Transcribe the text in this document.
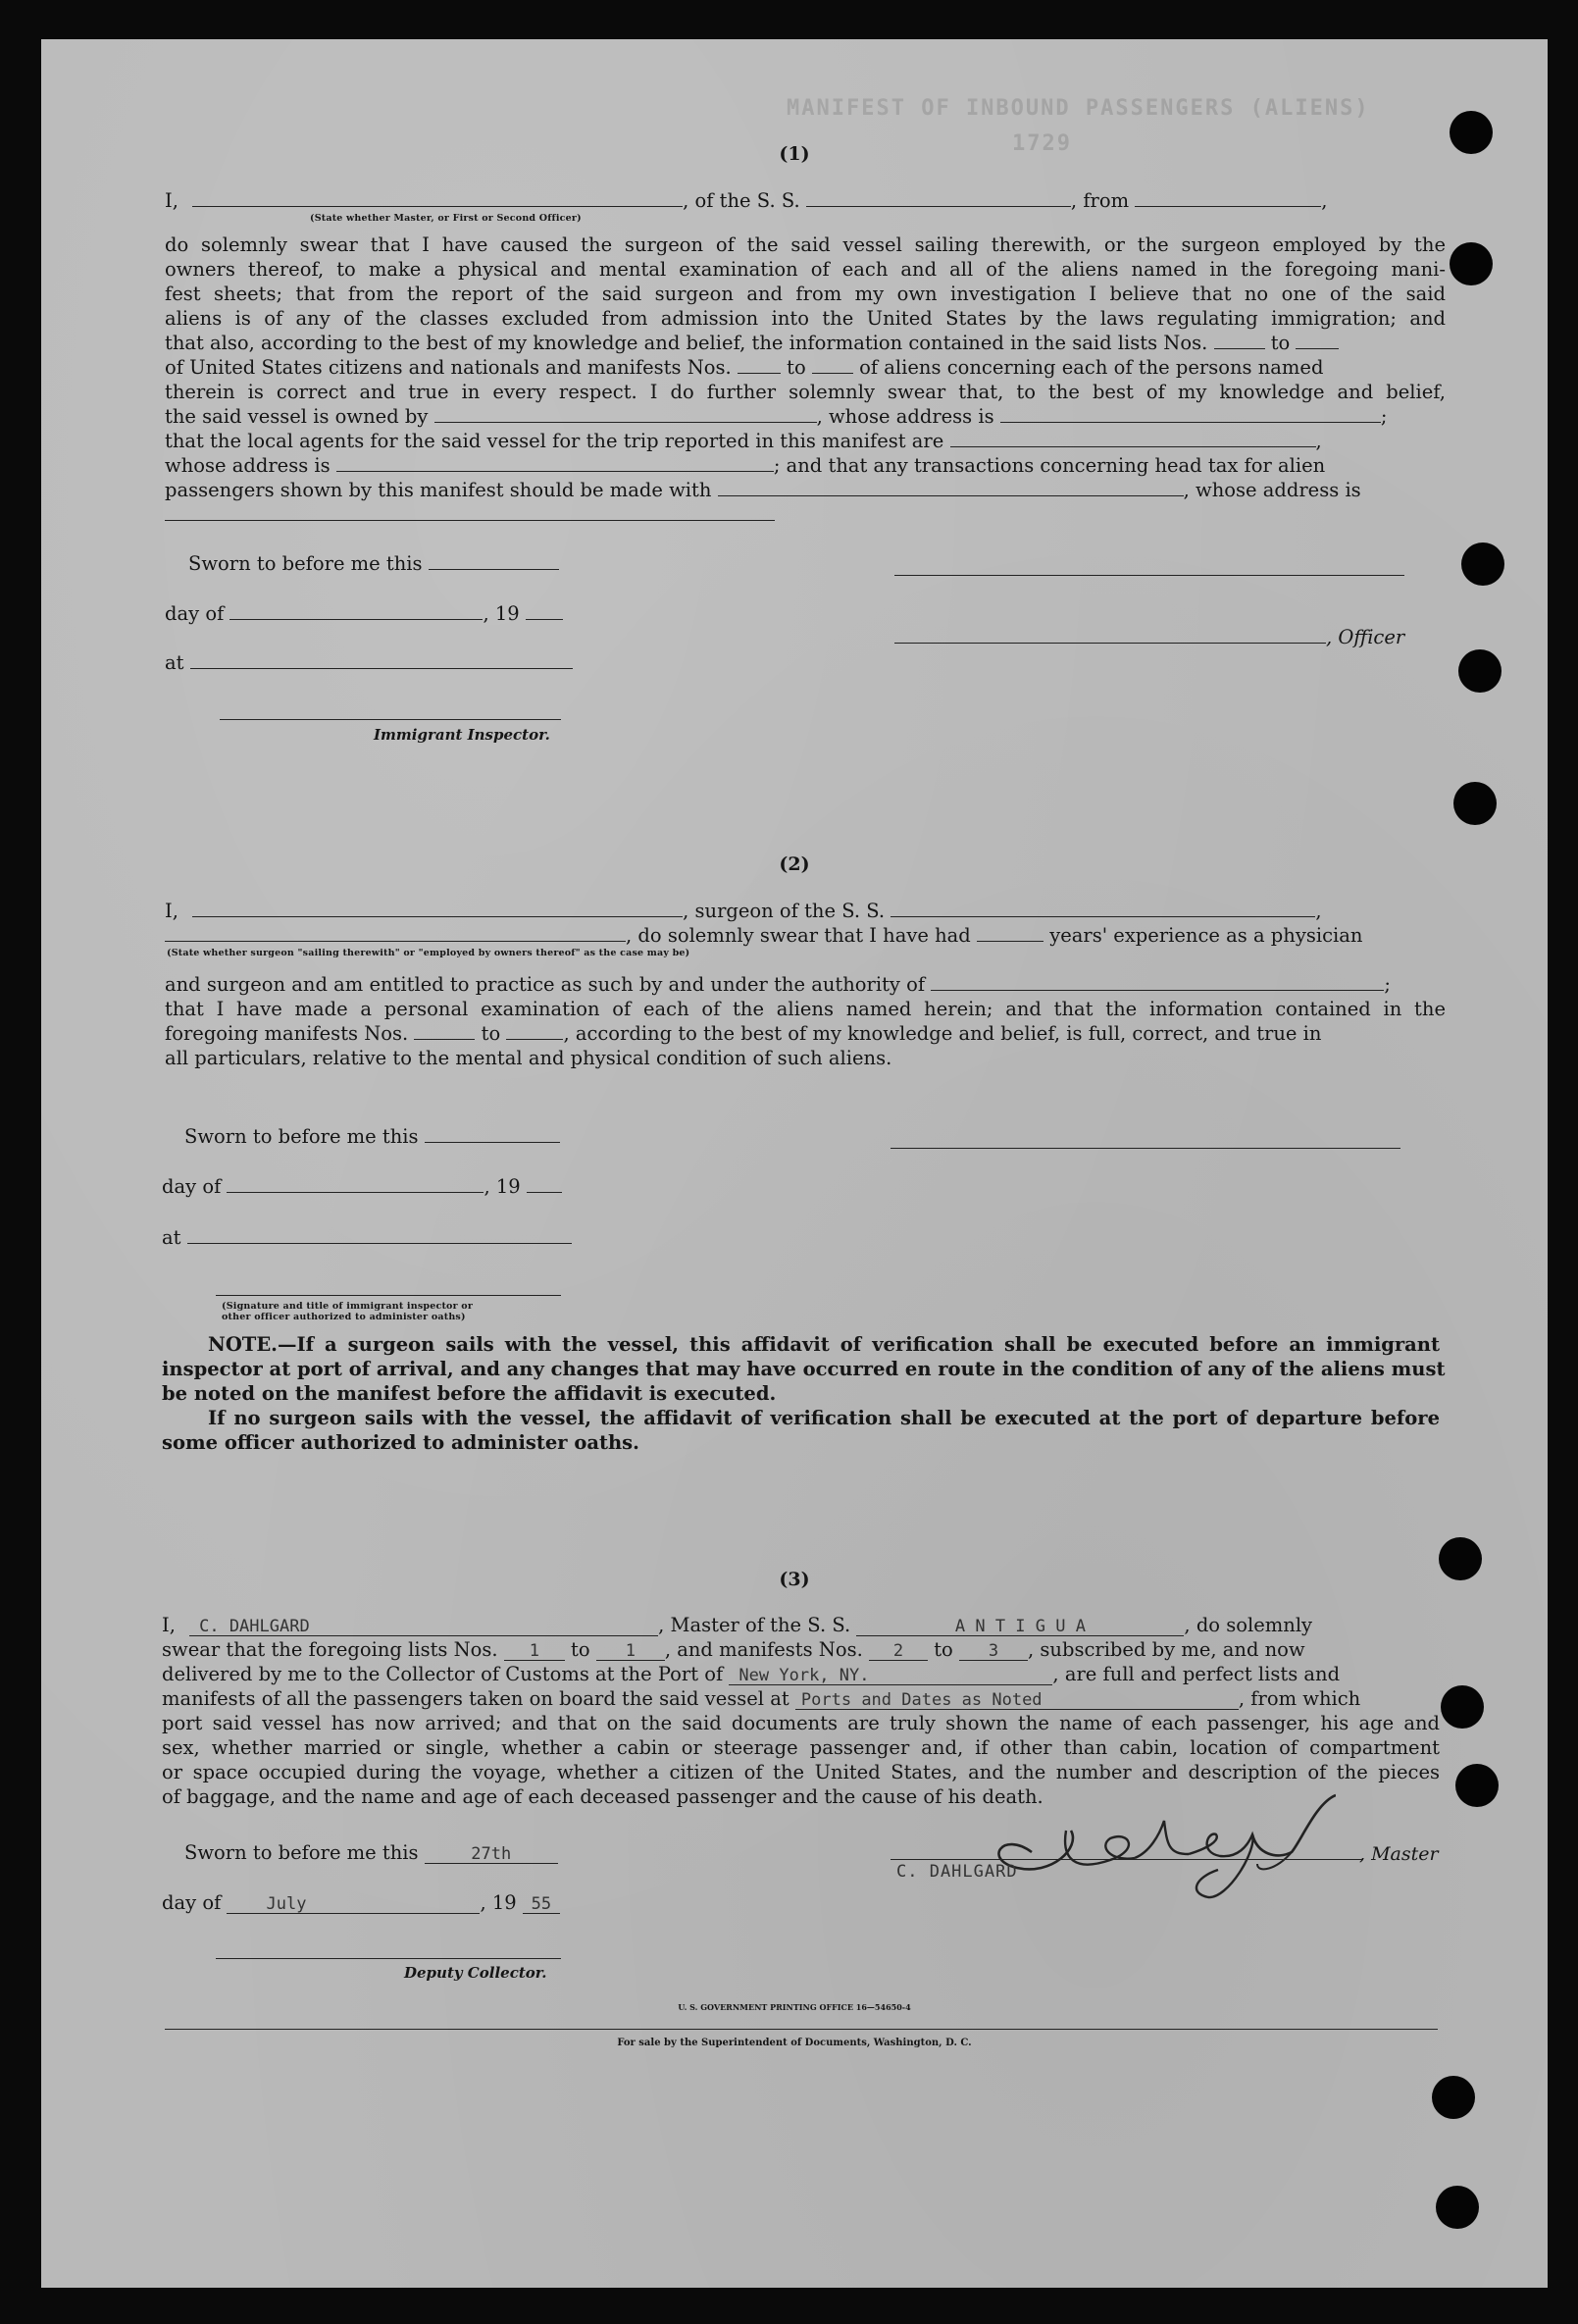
MANIFEST OF INBOUND PASSENGERS (ALIENS)
1729
(1)
I,	, of the S. S.	, from	,
(State whether Master, or First or Second Officer)
do solemnly swear that I have caused the surgeon of the said vessel sailing therewith, or the surgeon employed by the
owners thereof, to make a physical and mental examination of each and all of the aliens named in the foregoing mani-
fest sheets; that from the report of the said surgeon and from my own investigation I believe that no one of the said
aliens is of any of the classes excluded from admission into the United States by the laws regulating immigration; and
that also, according to the best of my knowledge and belief, the information contained in the said lists Nos.	to
of United States citizens and nationals and manifests Nos.	to	of aliens concerning each of the persons named
therein is correct and true in every respect. I do further solemnly swear that, to the best of my knowledge and belief,
the said vessel is owned by	, whose address is	;
that the local agents for the said vessel for the trip reported in this manifest are	,
whose address is	; and that any transactions concerning head tax for alien
passengers shown by this manifest should be made with	, whose address is
Sworn to before me this
day of	, 19
at
Immigrant Inspector.
, Officer
(2)
I,	, surgeon of the S. S.	,
, do solemnly swear that I have had	years' experience as a physician
(State whether surgeon "sailing therewith" or "employed by owners thereof" as the case may be)
and surgeon and am entitled to practice as such by and under the authority of	;
that I have made a personal examination of each of the aliens named herein; and that the information contained in the
foregoing manifests Nos.	to	, according to the best of my knowledge and belief, is full, correct, and true in
all particulars, relative to the mental and physical condition of such aliens.
Sworn to before me this
day of	, 19
at
(Signature and title of immigrant inspector or
other officer authorized to administer oaths)
NOTE.—If a surgeon sails with the vessel, this affidavit of verification shall be executed before an immigrant
inspector at port of arrival, and any changes that may have occurred en route in the condition of any of the aliens must
be noted on the manifest before the affidavit is executed.
If no surgeon sails with the vessel, the affidavit of verification shall be executed at the port of departure before
some officer authorized to administer oaths.
(3)
I, C. DAHLGARD	, Master of the S. S.	A N T I G U A	, do solemnly
swear that the foregoing lists Nos. 1 to 1 , and manifests Nos. 2 to 3 , subscribed by me, and now
delivered by me to the Collector of Customs at the Port of New York, NY.	, are full and perfect lists and
manifests of all the passengers taken on board the said vessel at Ports and Dates as Noted	, from which
port said vessel has now arrived; and that on the said documents are truly shown the name of each passenger, his age and
sex, whether married or single, whether a cabin or steerage passenger and, if other than cabin, location of compartment
or space occupied during the voyage, whether a citizen of the United States, and the number and description of the pieces
of baggage, and the name and age of each deceased passenger and the cause of his death.
Sworn to before me this	27th
day of	July	, 19 55
Deputy Collector.
C. DAHLGARD
, Master
U. S. GOVERNMENT PRINTING OFFICE 16—54650-4
For sale by the Superintendent of Documents, Washington, D. C.
